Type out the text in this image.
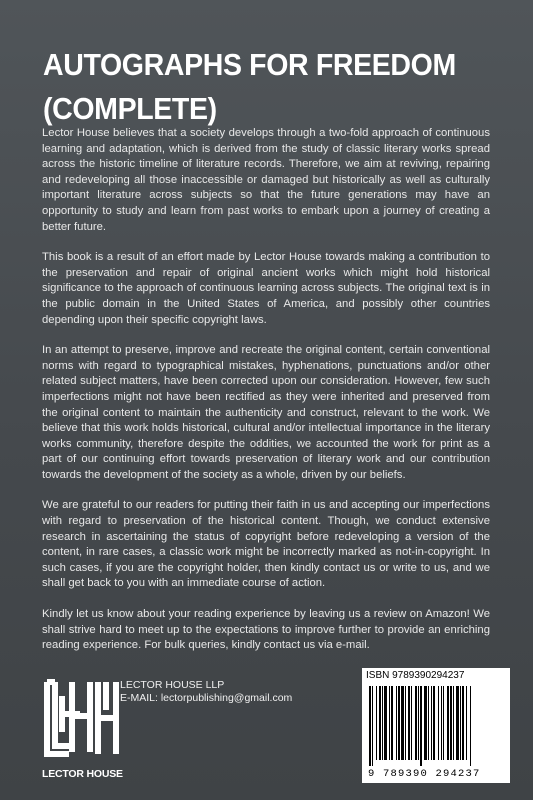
AUTOGRAPHS FOR FREEDOM
(COMPLETE)

Lector House believes that a society develops through a two-fold approach of continuous learning and adaptation, which is derived from the study of classic literary works spread across the historic timeline of literature records. Therefore, we aim at reviving, repairing and redeveloping all those inaccessible or damaged but historically as well as culturally important literature across subjects so that the future generations may have an opportunity to study and learn from past works to embark upon a journey of creating a better future.

This book is a result of an effort made by Lector House towards making a contribution to the preservation and repair of original ancient works which might hold historical significance to the approach of continuous learning across subjects. The original text is in the public domain in the United States of America, and possibly other countries depending upon their specific copyright laws.

In an attempt to preserve, improve and recreate the original content, certain conventional norms with regard to typographical mistakes, hyphenations, punctuations and/or other related subject matters, have been corrected upon our consideration. However, few such imperfections might not have been rectified as they were inherited and preserved from the original content to maintain the authenticity and construct, relevant to the work. We believe that this work holds historical, cultural and/or intellectual importance in the literary works community, therefore despite the oddities, we accounted the work for print as a part of our continuing effort towards preservation of literary work and our contribution towards the development of the society as a whole, driven by our beliefs.

We are grateful to our readers for putting their faith in us and accepting our imperfections with regard to preservation of the historical content. Though, we conduct extensive research in ascertaining the status of copyright before redeveloping a version of the content, in rare cases, a classic work might be incorrectly marked as not-in-copyright. In such cases, if you are the copyright holder, then kindly contact us or write to us, and we shall get back to you with an immediate course of action.

Kindly let us know about your reading experience by leaving us a review on Amazon! We shall strive hard to meet up to the expectations to improve further to provide an enriching reading experience. For bulk queries, kindly contact us via e-mail.

LECTOR HOUSE
LECTOR HOUSE LLP
E-MAIL: lectorpublishing@gmail.com
ISBN 9789390294237
9 789390 294237
